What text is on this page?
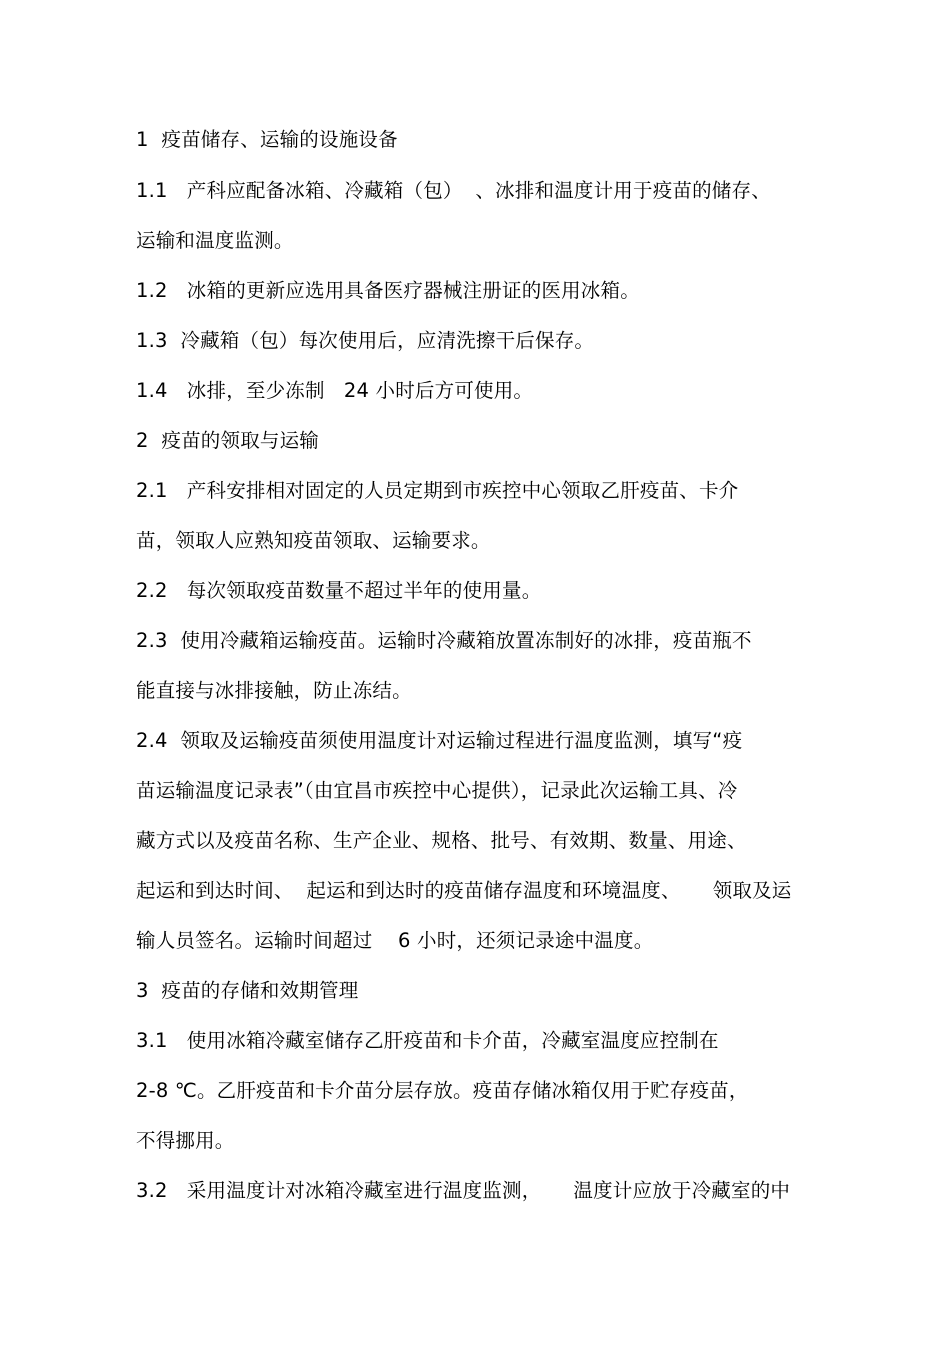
1  疫苗储存、运输的设施设备
1.1   产科应配备冰箱、冷藏箱（包）  、冰排和温度计用于疫苗的储存、
运输和温度监测。
1.2   冰箱的更新应选用具备医疗器械注册证的医用冰箱。
1.3  冷藏箱（包）每次使用后，应清洗擦干后保存。
1.4   冰排，至少冻制   24 小时后方可使用。
2  疫苗的领取与运输
2.1   产科安排相对固定的人员定期到市疾控中心领取乙肝疫苗、卡介
苗，领取人应熟知疫苗领取、运输要求。
2.2   每次领取疫苗数量不超过半年的使用量。
2.3  使用冷藏箱运输疫苗。运输时冷藏箱放置冻制好的冰排，疫苗瓶不
能直接与冰排接触，防止冻结。
2.4  领取及运输疫苗须使用温度计对运输过程进行温度监测，填写“疫
苗运输温度记录表”（由宜昌市疾控中心提供），记录此次运输工具、冷
藏方式以及疫苗名称、生产企业、规格、批号、有效期、数量、用途、
起运和到达时间、  起运和到达时的疫苗储存温度和环境温度、     领取及运
输人员签名。运输时间超过    6 小时，还须记录途中温度。
3  疫苗的存储和效期管理
3.1   使用冰箱冷藏室储存乙肝疫苗和卡介苗，冷藏室温度应控制在
2-8 ℃。乙肝疫苗和卡介苗分层存放。疫苗存储冰箱仅用于贮存疫苗，
不得挪用。
3.2   采用温度计对冰箱冷藏室进行温度监测，     温度计应放于冷藏室的中
